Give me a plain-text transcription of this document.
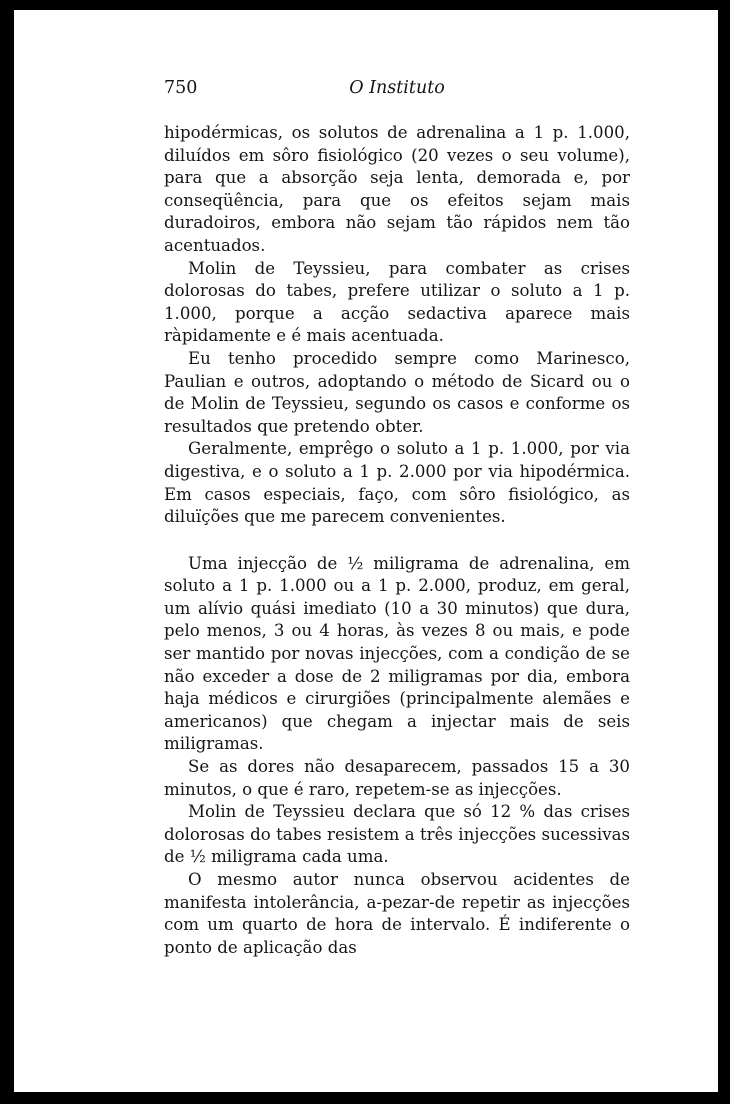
750	O Instituto

hipodérmicas, os solutos de adrenalina a 1 p. 1.000, diluídos em sôro fisiológico (20 vezes o seu volume), para que a absorção seja lenta, demorada e, por conseqüência, para que os efeitos sejam mais duradoiros, embora não sejam tão rápidos nem tão acentuados.

Molin de Teyssieu, para combater as crises dolorosas do tabes, prefere utilizar o soluto a 1 p. 1.000, porque a acção sedactiva aparece mais ràpidamente e é mais acentuada.

Eu tenho procedido sempre como Marinesco, Paulian e outros, adoptando o método de Sicard ou o de Molin de Teyssieu, segundo os casos e conforme os resultados que pretendo obter.

Geralmente, emprêgo o soluto a 1 p. 1.000, por via digestiva, e o soluto a 1 p. 2.000 por via hipodérmica. Em casos especiais, faço, com sôro fisiológico, as diluïções que me parecem convenientes.

Uma injecção de ½ miligrama de adrenalina, em soluto a 1 p. 1.000 ou a 1 p. 2.000, produz, em geral, um alívio quási imediato (10 a 30 minutos) que dura, pelo menos, 3 ou 4 horas, às vezes 8 ou mais, e pode ser mantido por novas injecções, com a condição de se não exceder a dose de 2 miligramas por dia, embora haja médicos e cirurgiões (principalmente alemães e americanos) que chegam a injectar mais de seis miligramas.

Se as dores não desaparecem, passados 15 a 30 minutos, o que é raro, repetem-se as injecções.

Molin de Teyssieu declara que só 12 % das crises dolorosas do tabes resistem a três injecções sucessivas de ½ miligrama cada uma.

O mesmo autor nunca observou acidentes de manifesta intolerância, a-pezar-de repetir as injecções com um quarto de hora de intervalo. É indiferente o ponto de aplicação das
